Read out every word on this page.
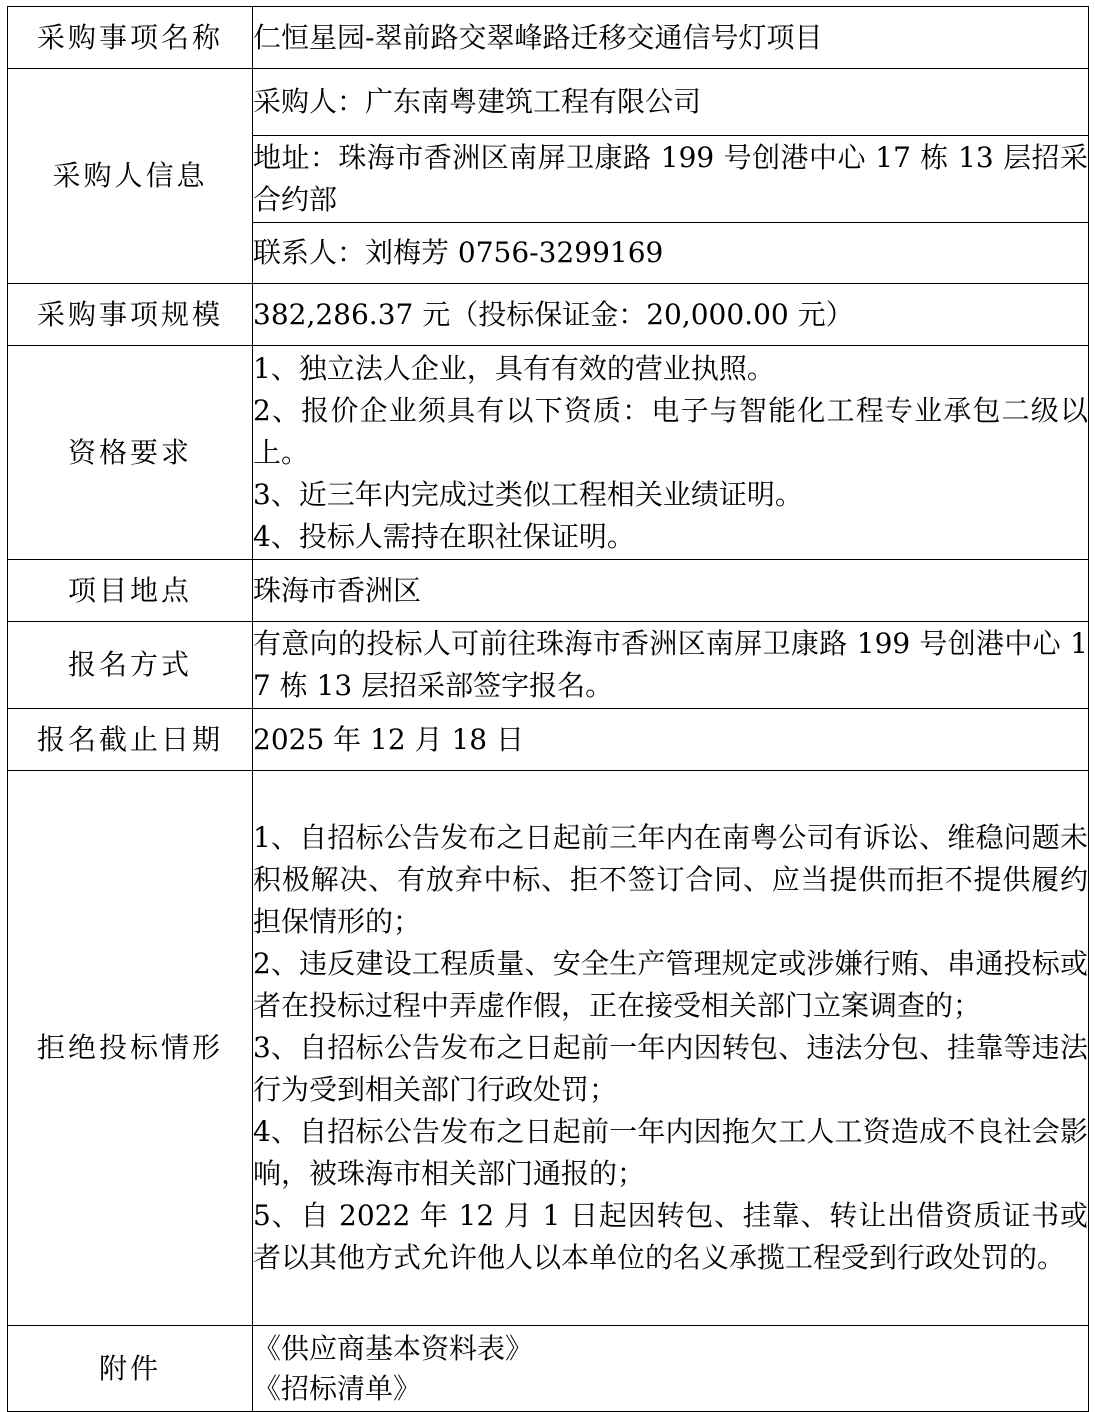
采购事项名称	仁恒星园-翠前路交翠峰路迁移交通信号灯项目
采购人信息	采购人：广东南粤建筑工程有限公司
	地址：珠海市香洲区南屏卫康路 199 号创港中心 17 栋 13 层招采合约部
	联系人：刘梅芳 0756-3299169
采购事项规模	382,286.37 元（投标保证金：20,000.00 元）
资格要求	1、独立法人企业，具有有效的营业执照。
2、报价企业须具有以下资质：电子与智能化工程专业承包二级以上。
3、近三年内完成过类似工程相关业绩证明。
4、投标人需持在职社保证明。

项目地点	珠海市香洲区
报名方式	有意向的投标人可前往珠海市香洲区南屏卫康路 199 号创港中心 17 栋 13 层招采部签字报名。
报名截止日期	2025 年 12 月 18 日
拒绝投标情形	1、自招标公告发布之日起前三年内在南粤公司有诉讼、维稳问题未积极解决、有放弃中标、拒不签订合同、应当提供而拒不提供履约担保情形的；
2、违反建设工程质量、安全生产管理规定或涉嫌行贿、串通投标或者在投标过程中弄虚作假，正在接受相关部门立案调查的；
3、自招标公告发布之日起前一年内因转包、违法分包、挂靠等违法行为受到相关部门行政处罚；
4、自招标公告发布之日起前一年内因拖欠工人工资造成不良社会影响，被珠海市相关部门通报的；
5、自 2022 年 12 月 1 日起因转包、挂靠、转让出借资质证书或者以其他方式允许他人以本单位的名义承揽工程受到行政处罚的。

附件	《供应商基本资料表》
《招标清单》
